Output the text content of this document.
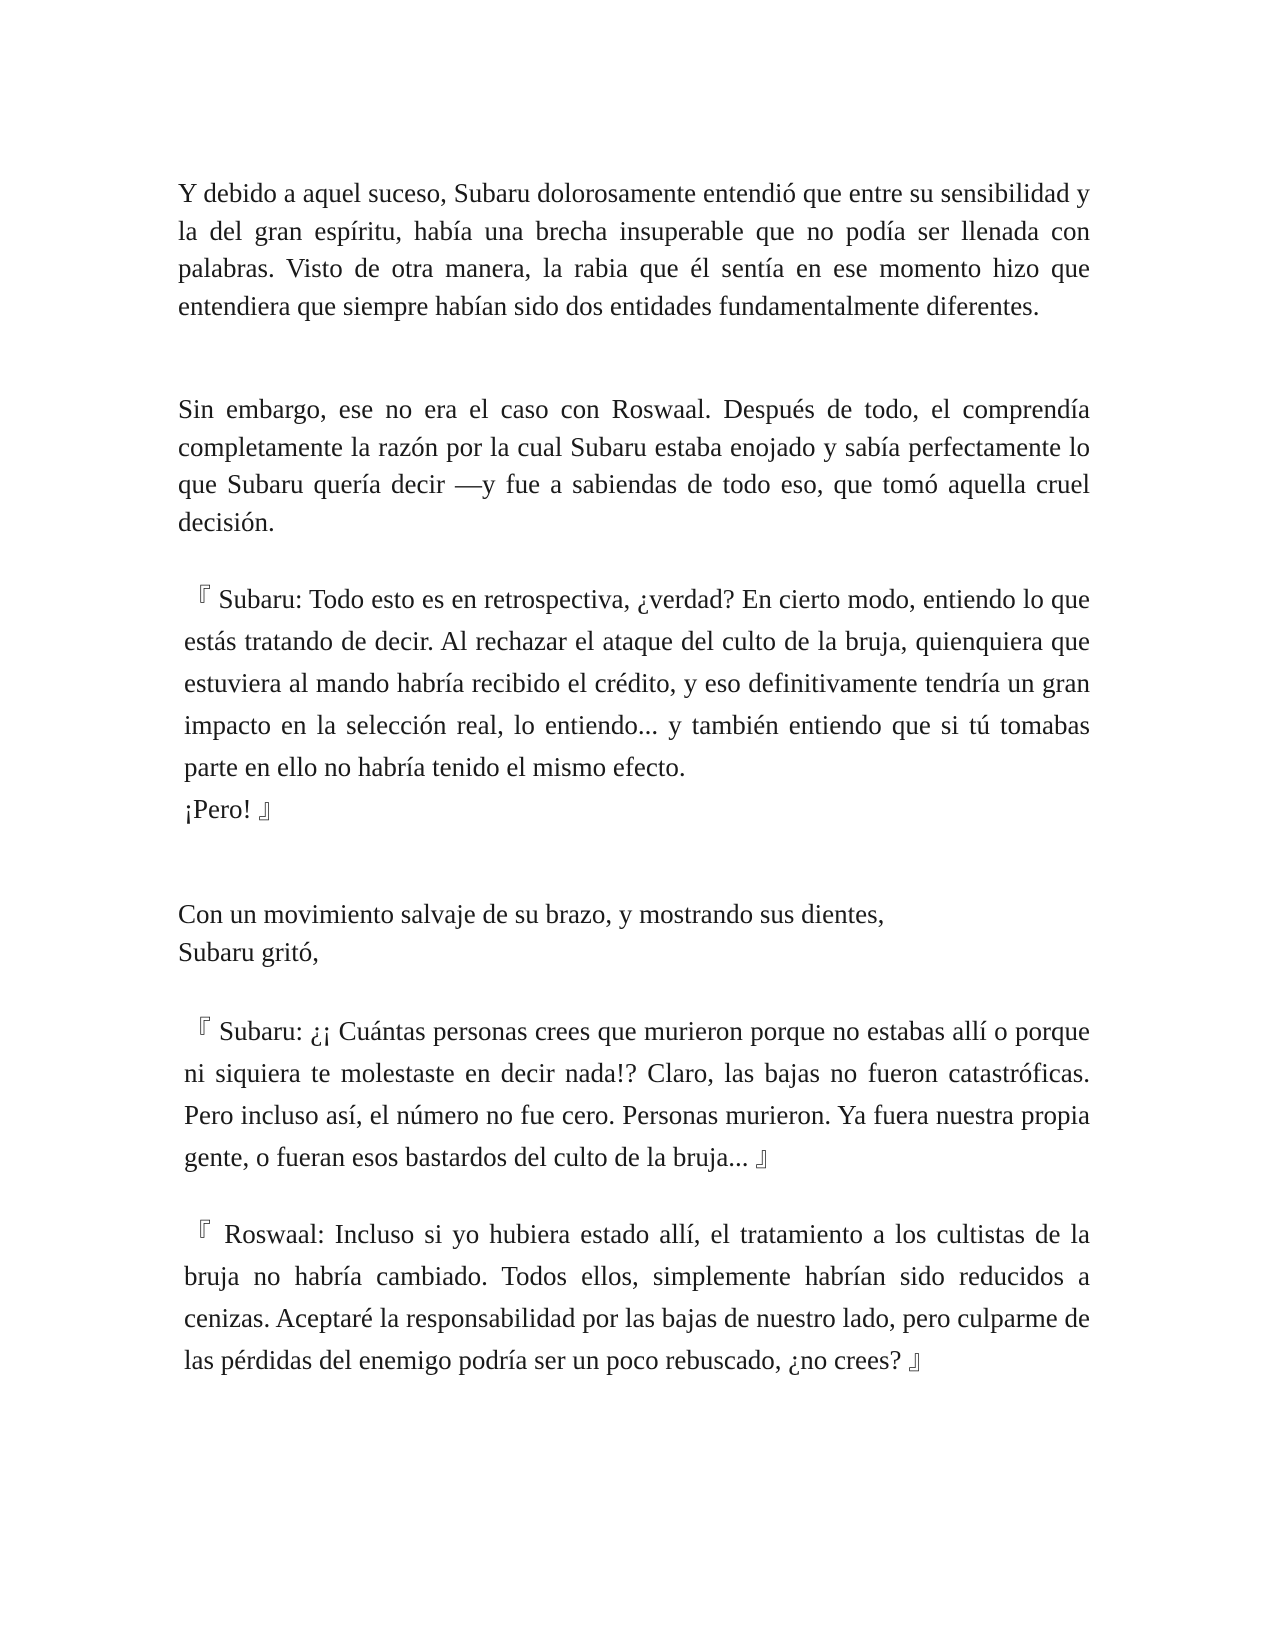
Y debido a aquel suceso, Subaru dolorosamente entendió que entre su sensibilidad y la del gran espíritu, había una brecha insuperable que no podía ser llenada con palabras. Visto de otra manera, la rabia que él sentía en ese momento hizo que entendiera que siempre habían sido dos entidades fundamentalmente diferentes.

Sin embargo, ese no era el caso con Roswaal. Después de todo, el comprendía completamente la razón por la cual Subaru estaba enojado y sabía perfectamente lo que Subaru quería decir —y fue a sabiendas de todo eso, que tomó aquella cruel decisión.

『 Subaru: Todo esto es en retrospectiva, ¿verdad? En cierto modo, entiendo lo que estás tratando de decir. Al rechazar el ataque del culto de la bruja, quienquiera que estuviera al mando habría recibido el crédito, y eso definitivamente tendría un gran impacto en la selección real, lo entiendo... y también entiendo que si tú tomabas parte en ello no habría tenido el mismo efecto.
¡Pero! 』
Con un movimiento salvaje de su brazo, y mostrando sus dientes,
Subaru gritó,

『 Subaru: ¿¡ Cuántas personas crees que murieron porque no estabas allí o porque ni siquiera te molestaste en decir nada!? Claro, las bajas no fueron catastróficas. Pero incluso así, el número no fue cero. Personas murieron. Ya fuera nuestra propia gente, o fueran esos bastardos del culto de la bruja... 』

『 Roswaal: Incluso si yo hubiera estado allí, el tratamiento a los cultistas de la bruja no habría cambiado. Todos ellos, simplemente habrían sido reducidos a cenizas. Aceptaré la responsabilidad por las bajas de nuestro lado, pero culparme de las pérdidas del enemigo podría ser un poco rebuscado, ¿no crees? 』
